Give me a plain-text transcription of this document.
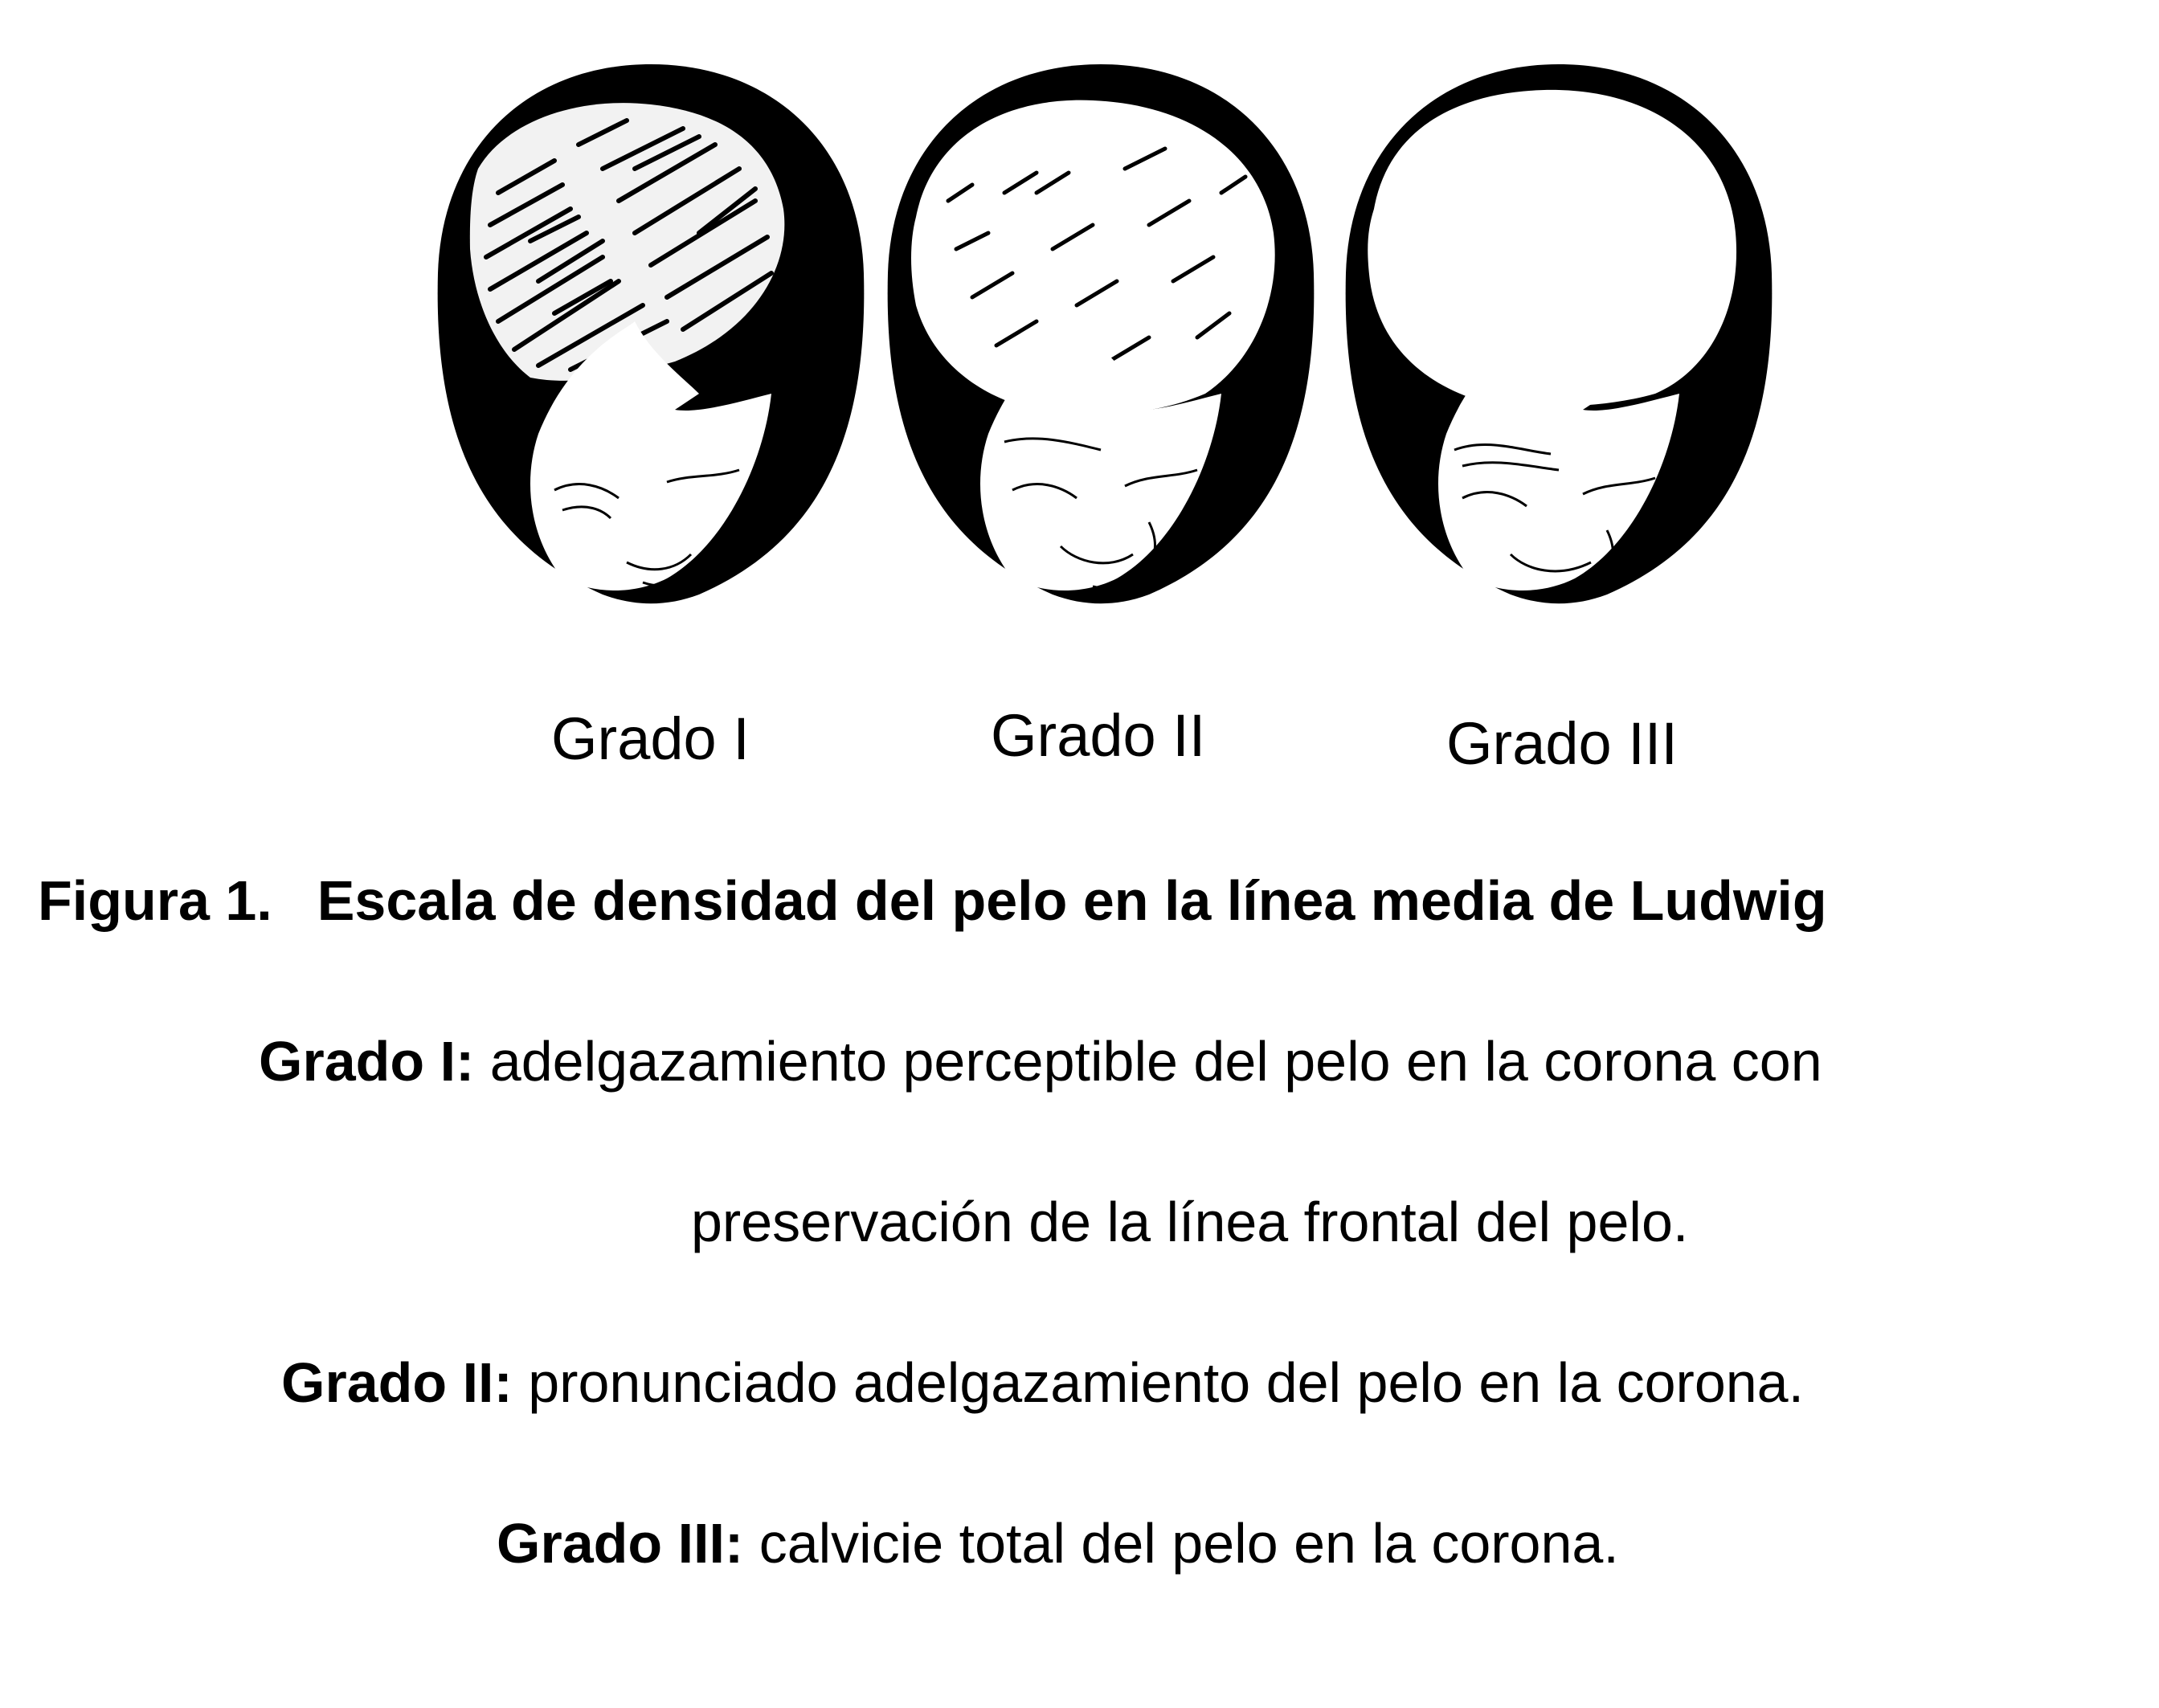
Grado I	Grado II	Grado III
Figura 1. Escala de densidad del pelo en la línea media de Ludwig
Grado I: adelgazamiento perceptible del pelo en la corona con
preservación de la línea frontal del pelo.
Grado II: pronunciado adelgazamiento del pelo en la corona.
Grado III: calvicie total del pelo en la corona.
